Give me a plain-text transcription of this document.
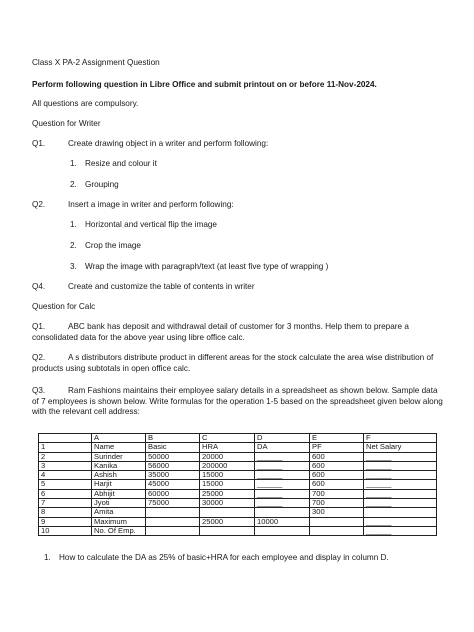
Class X PA-2 Assignment Question

Perform following question in Libre Office and submit printout on or before 11-Nov-2024.

All questions are compulsory.

Question for Writer

Q1.	Create drawing object in a writer and perform following:

1. Resize and colour it

2. Grouping

Q2.	Insert a image in writer and perform following:

1. Horizontal and vertical flip the image

2. Crop the image

3. Wrap the image with paragraph/text (at least five type of wrapping )

Q4.	Create and customize the table of contents in writer

Question for Calc

Q1.	ABC bank has deposit and withdrawal detail of customer for 3 months. Help them to prepare a consolidated data for the above year using libre office calc.

Q2.	A s distributors distribute product in different areas for the stock calculate the area wise distribution of products using subtotals in open office calc.

Q3.	Ram Fashions maintains their employee salary details in a spreadsheet as shown below. Sample data of 7 employees is shown below. Write formulas for the operation 1-5 based on the spreadsheet given below along with the relevant cell address:

	A	B	C	D	E	F
1	Name	Basic	HRA	DA	PF	Net Salary
2	Surinder	50000	20000	______	600	______
3	Kanika	56000	200000	______	600	______
4	Ashish	35000	15000	______	600	______
5	Harjit	45000	15000	______	600	______
6	Abhijit	60000	25000	______	700	______
7	Jyoti	75000	30000	______	700	______
8	Amita				300	
9	Maximum		25000	10000		______
10	No. Of Emp.					______

1. How to calculate the DA as 25% of basic+HRA for each employee and display in column D.
